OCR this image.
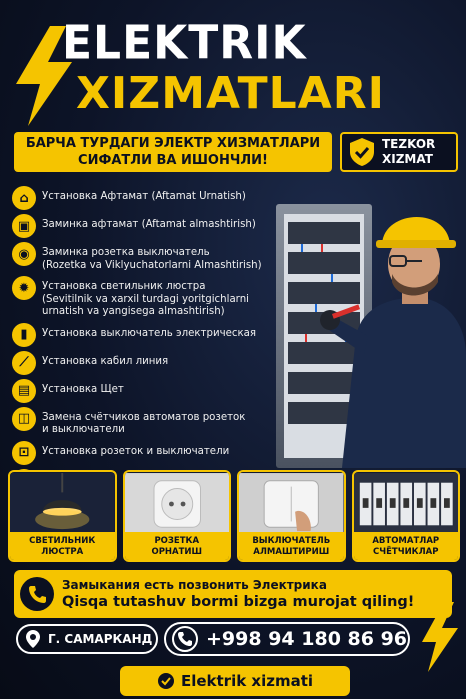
ELEKTRIK
XIZMATLARI
БАРЧА ТУРДАГИ ЭЛЕКТР ХИЗМАТЛАРИ
СИФАТЛИ ВА ИШОНЧЛИ!
TEZKOR
XIZMAT
⌂	Установка Афтамат (Aftamat Urnatish)
▣	Заминка афтамат (Aftamat almashtirish)
◉	Заминка розетка выключатель
(Rozetka va Viklyuchatorlarni Almashtirish)
✹	Установка светильник люстра
(Sevitilnik va xarxil turdagi yoritgichlarni
urnatish va yangisega almashtirish)
▮	Установка выключатель электрическая
⟋	Установка кабил линия
▤	Установка Щет
◫	Замена счётчиков автоматов розеток
и выключатели
⊡	Установка розеток и выключатели
СВЕТИЛЬНИК
ЛЮСТРА
РОЗЕТКА
ОРНАТИШ
ВЫКЛЮЧАТЕЛЬ
АЛМАШТИРИШ
АВТОМАТЛАР
СЧЁТЧИКЛАР
Замыкания есть позвонить Электрика
Qisqa tutashuv bormi bizga murojat qiling!
Г. САМАРКАНД	+998 94 180 86 96
Elektrik xizmati
